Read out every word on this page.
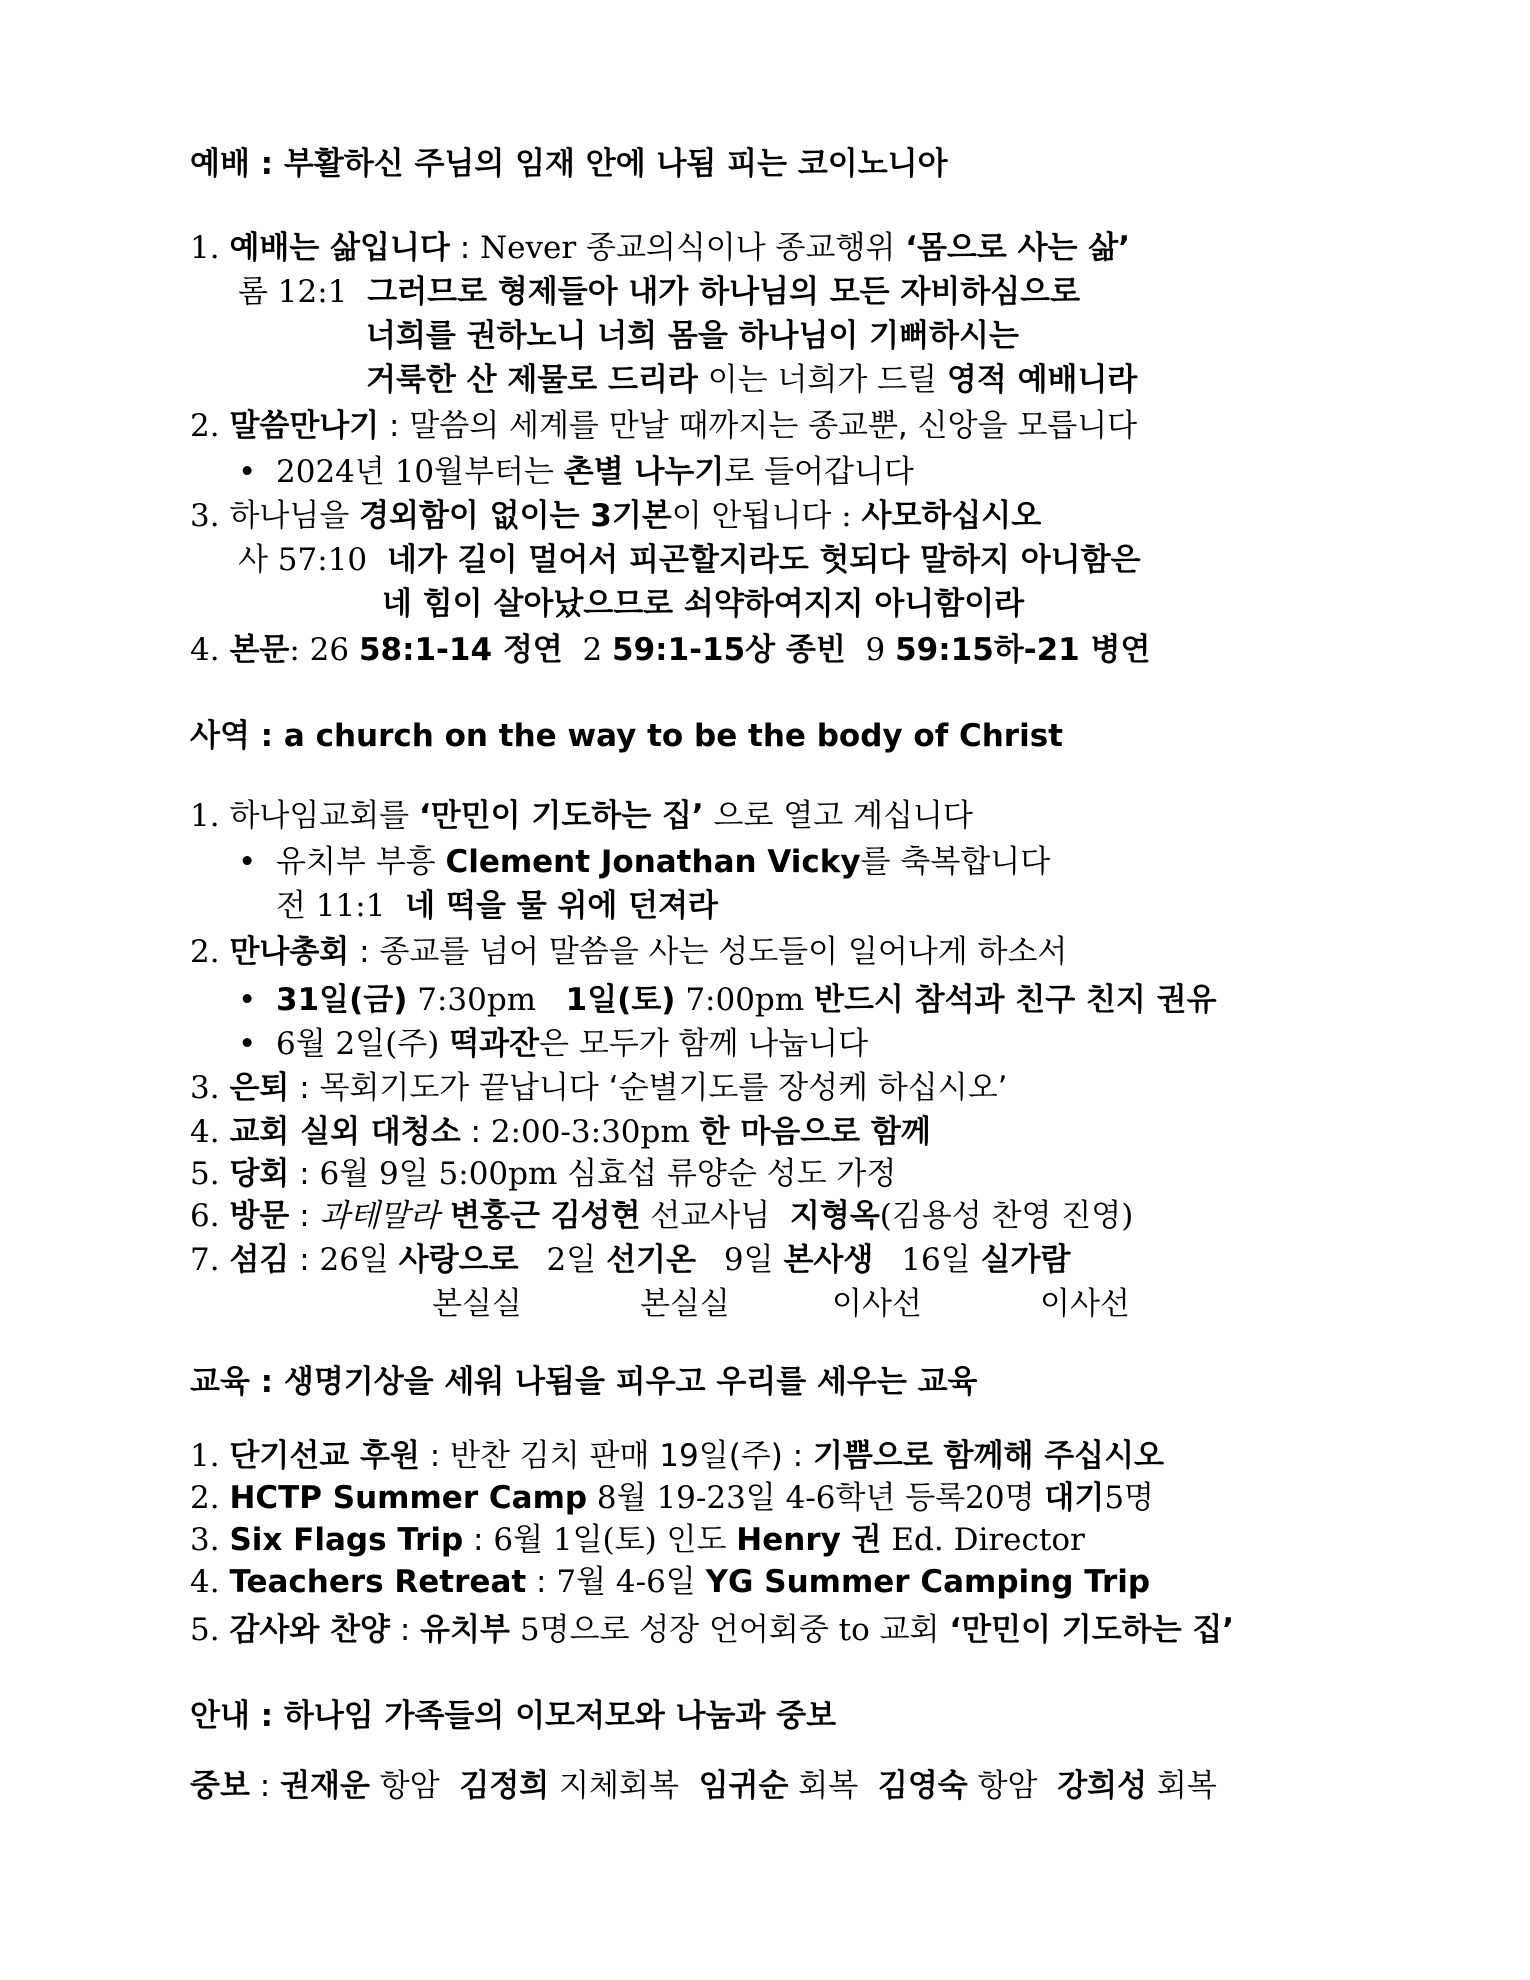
예배 : 부활하신 주님의 임재 안에 나됨 피는 코이노니아
1. 예배는 삶입니다 : Never 종교의식이나 종교행위 ‘몸으로 사는 삶’
롬 12:1 그러므로 형제들아 내가 하나님의 모든 자비하심으로
너희를 권하노니 너희 몸을 하나님이 기뻐하시는
거룩한 산 제물로 드리라 이는 너희가 드릴 영적 예배니라
2. 말씀만나기 : 말씀의 세계를 만날 때까지는 종교뿐, 신앙을 모릅니다
• 2024년 10월부터는 촌별 나누기로 들어갑니다
3. 하나님을 경외함이 없이는 3기본이 안됩니다 : 사모하십시오
사 57:10 네가 길이 멀어서 피곤할지라도 헛되다 말하지 아니함은
네 힘이 살아났으므로 쇠약하여지지 아니함이라
4. 본문: 26 58:1-14 정연  2 59:1-15상 종빈  9 59:15하-21 병연
사역 : a church on the way to be the body of Christ
1. 하나임교회를 ‘만민이 기도하는 집’ 으로 열고 계십니다
• 유치부 부흥 Clement Jonathan Vicky를 축복합니다
전 11:1 네 떡을 물 위에 던져라
2. 만나총회 : 종교를 넘어 말씀을 사는 성도들이 일어나게 하소서
• 31일(금) 7:30pm   1일(토) 7:00pm 반드시 참석과 친구 친지 권유
• 6월 2일(주) 떡과잔은 모두가 함께 나눕니다
3. 은퇴 : 목회기도가 끝납니다 ‘순별기도를 장성케 하십시오’
4. 교회 실외 대청소 : 2:00-3:30pm 한 마음으로 함께
5. 당회 : 6월 9일 5:00pm 심효섭 류양순 성도 가정
6. 방문 : 과테말라 변홍근 김성현 선교사님  지형옥(김용성 찬영 진영)
7. 섬김 : 26일 사랑으로 2일 선기온 9일 본사생 16일 실가람
본실실	본실실	이사선	이사선
교육 : 생명기상을 세워 나됨을 피우고 우리를 세우는 교육
1. 단기선교 후원 : 반찬 김치 판매 19일(주) : 기쁨으로 함께해 주십시오
2. HCTP Summer Camp 8월 19-23일 4-6학년 등록20명 대기5명
3. Six Flags Trip : 6월 1일(토) 인도 Henry 권 Ed. Director
4. Teachers Retreat : 7월 4-6일 YG Summer Camping Trip
5. 감사와 찬양 : 유치부 5명으로 성장 언어회중 to 교회 ‘만민이 기도하는 집’
안내 : 하나임 가족들의 이모저모와 나눔과 중보
중보 : 권재운 항암  김정희 지체회복  임귀순 회복  김영숙 항암  강희성 회복
